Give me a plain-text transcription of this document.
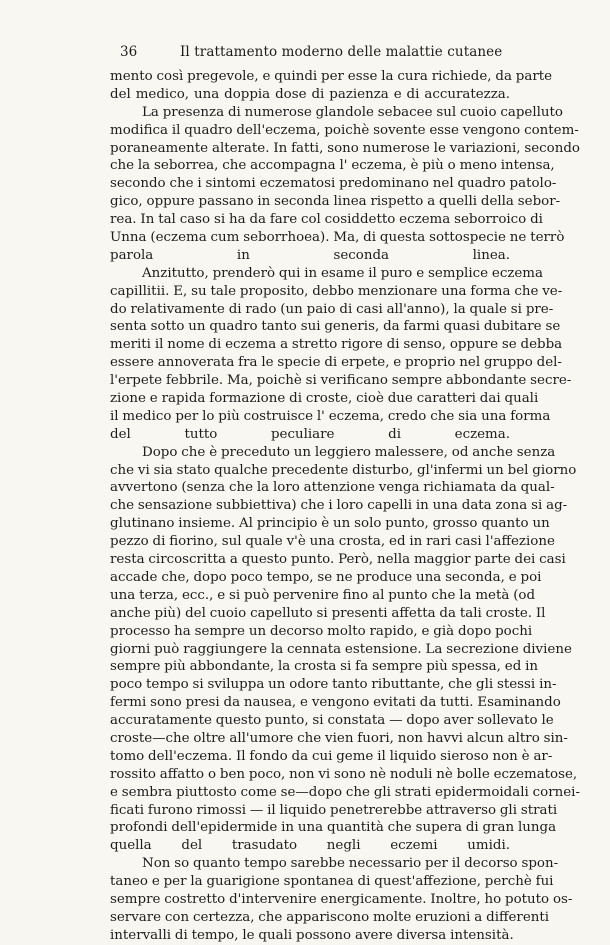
36	Il trattamento moderno delle malattie cutanee
mento così pregevole, e quindi per esse la cura richiede, da parte
del medico, una doppia dose di pazienza e di accuratezza.
La presenza di numerose glandole sebacee sul cuoio capelluto
modifica il quadro dell'eczema, poichè sovente esse vengono contem-
poraneamente alterate. In fatti, sono numerose le variazioni, secondo
che la seborrea, che accompagna l' eczema, è più o meno intensa,
secondo che i sintomi eczematosi predominano nel quadro patolo-
gico, oppure passano in seconda linea rispetto a quelli della sebor-
rea. In tal caso si ha da fare col cosiddetto eczema seborroico di
Unna (eczema cum seborrhoea). Ma, di questa sottospecie ne terrò
parola in seconda linea.
Anzitutto, prenderò qui in esame il puro e semplice eczema
capillitii. E, su tale proposito, debbo menzionare una forma che ve-
do relativamente di rado (un paio di casi all'anno), la quale si pre-
senta sotto un quadro tanto sui generis, da farmi quasi dubitare se
meriti il nome di eczema a stretto rigore di senso, oppure se debba
essere annoverata fra le specie di erpete, e proprio nel gruppo del-
l'erpete febbrile. Ma, poichè si verificano sempre abbondante secre-
zione e rapida formazione di croste, cioè due caratteri dai quali
il medico per lo più costruisce l' eczema, credo che sia una forma
del tutto peculiare di eczema.
Dopo che è preceduto un leggiero malessere, od anche senza
che vi sia stato qualche precedente disturbo, gl'infermi un bel giorno
avvertono (senza che la loro attenzione venga richiamata da qual-
che sensazione subbiettiva) che i loro capelli in una data zona si ag-
glutinano insieme. Al principio è un solo punto, grosso quanto un
pezzo di fiorino, sul quale v'è una crosta, ed in rari casi l'affezione
resta circoscritta a questo punto. Però, nella maggior parte dei casi
accade che, dopo poco tempo, se ne produce una seconda, e poi
una terza, ecc., e si può pervenire fino al punto che la metà (od
anche più) del cuoio capelluto si presenti affetta da tali croste. Il
processo ha sempre un decorso molto rapido, e già dopo pochi
giorni può raggiungere la cennata estensione. La secrezione diviene
sempre più abbondante, la crosta si fa sempre più spessa, ed in
poco tempo si sviluppa un odore tanto ributtante, che gli stessi in-
fermi sono presi da nausea, e vengono evitati da tutti. Esaminando
accuratamente questo punto, si constata — dopo aver sollevato le
croste—che oltre all'umore che vien fuori, non havvi alcun altro sin-
tomo dell'eczema. Il fondo da cui geme il liquido sieroso non è ar-
rossito affatto o ben poco, non vi sono nè noduli nè bolle eczematose,
e sembra piuttosto come se—dopo che gli strati epidermoidali cornei-
ficati furono rimossi — il liquido penetrerebbe attraverso gli strati
profondi dell'epidermide in una quantità che supera di gran lunga
quella del trasudato negli eczemi umidi.
Non so quanto tempo sarebbe necessario per il decorso spon-
taneo e per la guarigione spontanea di quest'affezione, perchè fui
sempre costretto d'intervenire energicamente. Inoltre, ho potuto os-
servare con certezza, che appariscono molte eruzioni a differenti
intervalli di tempo, le quali possono avere diversa intensità.
